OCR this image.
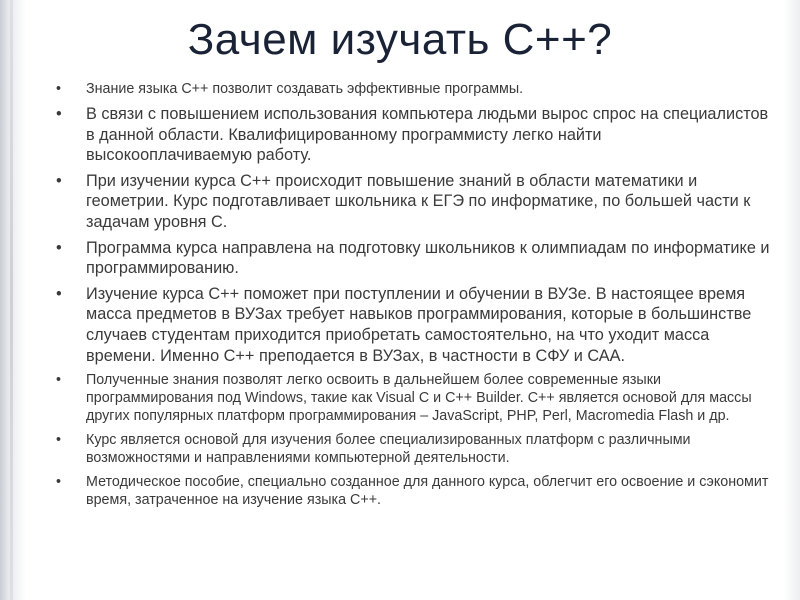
Зачем изучать С++?
• Знание языка С++ позволит создавать эффективные программы.
• В связи с повышением использования компьютера людьми вырос спрос на специалистов в данной области. Квалифицированному программисту легко найти высокооплачиваемую работу.
• При изучении курса С++ происходит повышение знаний в области математики и геометрии. Курс подготавливает школьника к ЕГЭ по информатике, по большей части к задачам уровня С.
• Программа курса направлена на подготовку школьников к олимпиадам по информатике и программированию.
• Изучение курса С++ поможет при поступлении и обучении в ВУЗе. В настоящее время масса предметов в ВУЗах требует навыков программирования, которые в большинстве случаев студентам приходится приобретать самостоятельно, на что уходит масса времени. Именно С++ преподается в ВУЗах, в частности в СФУ и САА.
• Полученные знания позволят легко освоить в дальнейшем более современные языки программирования под Windows, такие как Visual C и C++ Builder. C++ является основой для массы других популярных платформ программирования – JavaScript, PHP, Perl, Macromedia Flash и др.
• Курс является основой для изучения более специализированных платформ с различными возможностями и направлениями компьютерной деятельности.
• Методическое пособие, специально созданное для данного курса, облегчит его освоение и сэкономит время, затраченное на изучение языка С++.
